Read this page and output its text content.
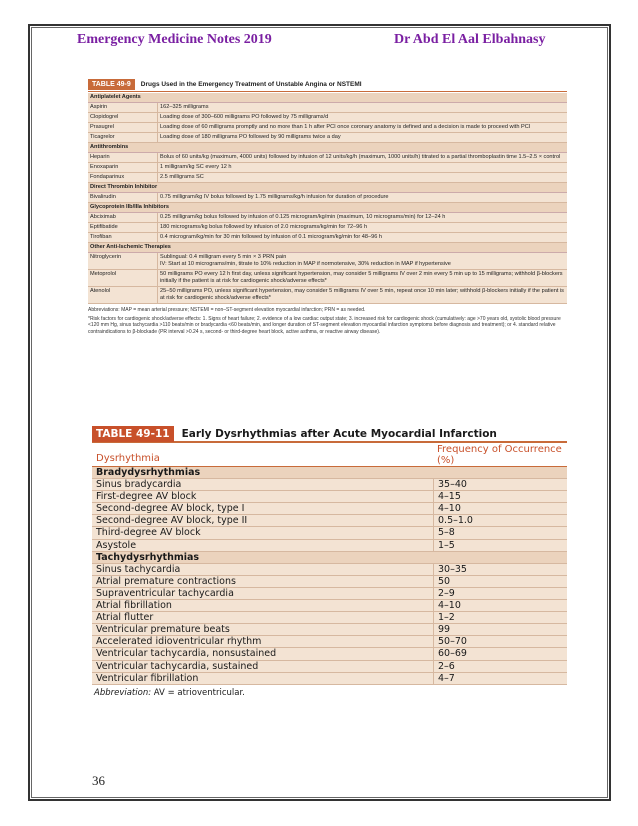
Emergency Medicine Notes 2019	Dr Abd El Aal Elbahnasy
TABLE 49-9	Drugs Used in the Emergency Treatment of Unstable Angina or NSTEMI
Antiplatelet Agents
Aspirin	162–325 milligrams

Clopidogrel	Loading dose of 300–600 milligrams PO followed by 75 milligrams/d

Prasugrel	Loading dose of 60 milligrams promptly and no more than 1 h after PCI once coronary anatomy is defined and a decision is made to proceed with PCI

Ticagrelor	Loading dose of 180 milligrams PO followed by 90 milligrams twice a day

Antithrombins
Heparin	Bolus of 60 units/kg (maximum, 4000 units) followed by infusion of 12 units/kg/h (maximum, 1000 units/h) titrated to a partial thromboplastin time 1.5–2.5 × control

Enoxaparin	1 milligram/kg SC every 12 h

Fondaparinux	2.5 milligrams SC

Direct Thrombin Inhibitor
Bivalirudin	0.75 milligram/kg IV bolus followed by 1.75 milligrams/kg/h infusion for duration of procedure

Glycoprotein IIb/IIIa Inhibitors
Abciximab	0.25 milligram/kg bolus followed by infusion of 0.125 microgram/kg/min (maximum, 10 micrograms/min) for 12–24 h

Eptifibatide	180 micrograms/kg bolus followed by infusion of 2.0 micrograms/kg/min for 72–96 h

Tirofiban	0.4 microgram/kg/min for 30 min followed by infusion of 0.1 microgram/kg/min for 48–96 h

Other Anti-Ischemic Therapies
Nitroglycerin	Sublingual: 0.4 milligram every 5 min × 3 PRN pain

IV: Start at 10 micrograms/min, titrate to 10% reduction in MAP if normotensive, 30% reduction in MAP if hypertensive

Metoprolol	50 milligrams PO every 12 h first day, unless significant hypertension, may consider 5 milligrams IV over 2 min every 5 min up to 15 milligrams; withhold β-blockers initially if the patient is at risk for cardiogenic shock/adverse effects*

Atenolol	25–50 milligrams PO, unless significant hypertension, may consider 5 milligrams IV over 5 min, repeat once 10 min later; withhold β-blockers initially if the patient is at risk for cardiogenic shock/adverse effects*

Abbreviations: MAP = mean arterial pressure; NSTEMI = non–ST-segment elevation myocardial infarction; PRN = as needed.

*Risk factors for cardiogenic shock/adverse effects: 1. Signs of heart failure; 2. evidence of a low cardiac output state; 3. increased risk for cardiogenic shock (cumulatively: age >70 years old, systolic blood pressure <120 mm Hg, sinus tachycardia >110 beats/min or bradycardia <60 beats/min, and longer duration of ST-segment elevation myocardial infarction symptoms before diagnosis and treatment); or 4. standard relative contraindications to β-blockade (PR interval >0.24 s, second- or third-degree heart block, active asthma, or reactive airway disease).

TABLE 49-11	Early Dysrhythmias after Acute Myocardial Infarction
Dysrhythmia
Frequency of Occurrence (%)
Bradydysrhythmias
Sinus bradycardia	35–40
First-degree AV block	4–15
Second-degree AV block, type I	4–10
Second-degree AV block, type II	0.5–1.0
Third-degree AV block	5–8
Asystole	1–5
Tachydysrhythmias
Sinus tachycardia	30–35
Atrial premature contractions	50
Supraventricular tachycardia	2–9
Atrial fibrillation	4–10
Atrial flutter	1–2
Ventricular premature beats	99
Accelerated idioventricular rhythm	50–70
Ventricular tachycardia, nonsustained	60–69
Ventricular tachycardia, sustained	2–6
Ventricular fibrillation	4–7
Abbreviation: AV = atrioventricular.
36
